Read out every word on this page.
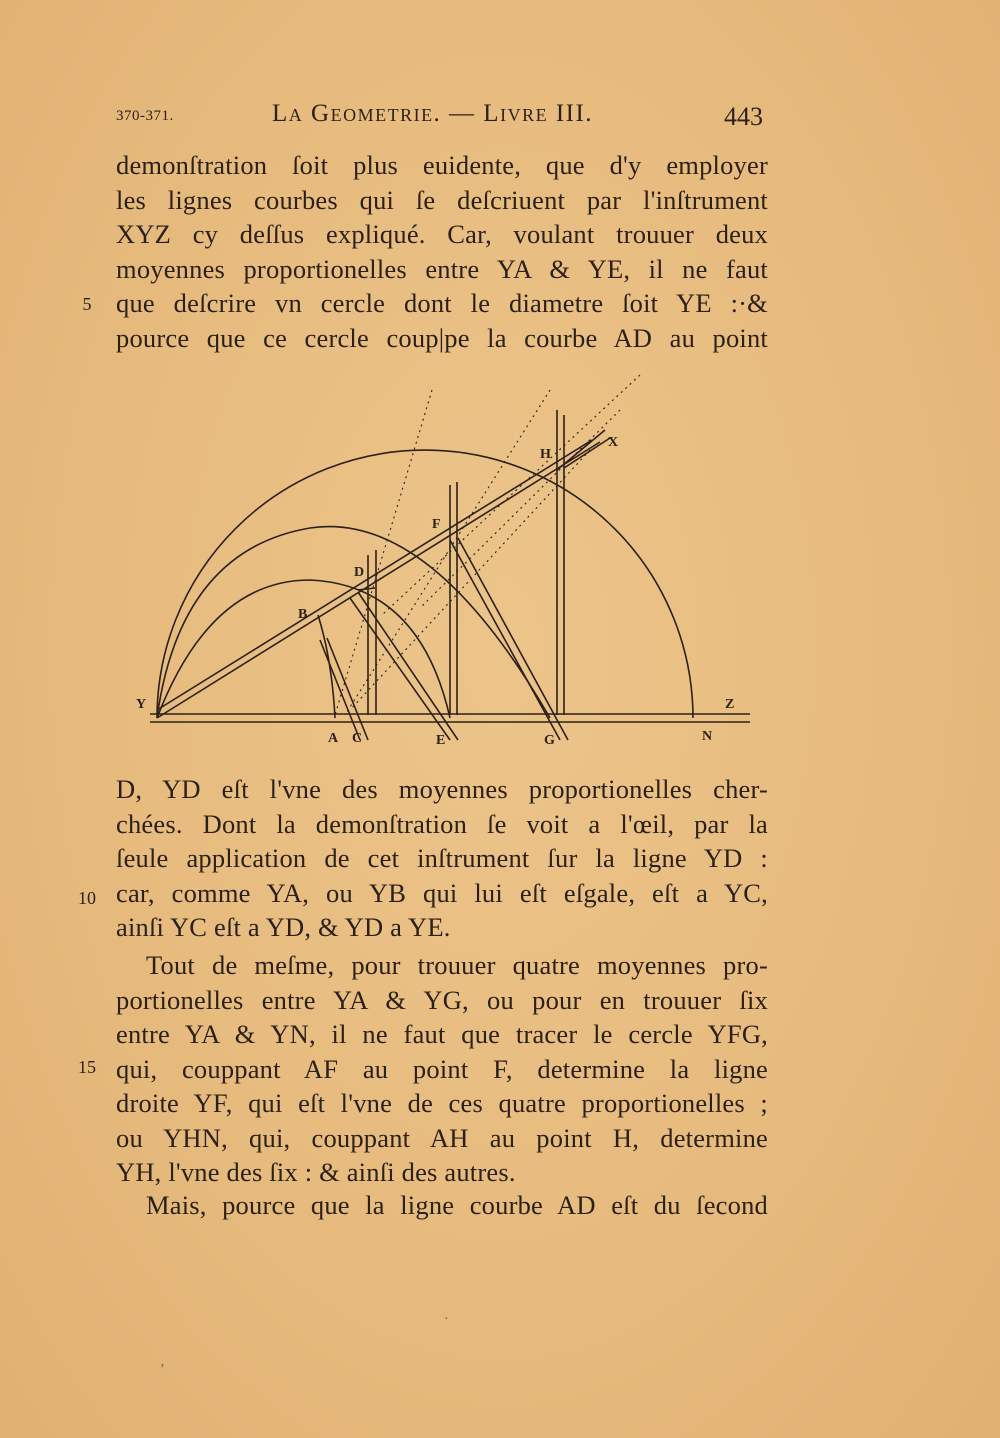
370-371.	La Geometrie. — Livre III.	443
demonſtration ſoit plus euidente, que d'y employer
les lignes courbes qui ſe deſcriuent par l'inſtrument
XYZ cy deſſus expliqué. Car, voulant trouuer deux
moyennes proportionelles entre YA & YE, il ne faut
que deſcrire vn cercle dont le diametre ſoit YE :·&
pource que ce cercle coup|pe la courbe AD au point
5
Y	Z
X
A C	E	G	N
B
D
F
H
D, YD eſt l'vne des moyennes proportionelles cher-
chées. Dont la demonſtration ſe voit a l'œil, par la
ſeule application de cet inſtrument ſur la ligne YD :
car, comme YA, ou YB qui lui eſt eſgale, eſt a YC,
ainſi YC eſt a YD, & YD a YE.
10
Tout de meſme, pour trouuer quatre moyennes pro-
portionelles entre YA & YG, ou pour en trouuer ſix
entre YA & YN, il ne faut que tracer le cercle YFG,
qui, couppant AF au point F, determine la ligne
droite YF, qui eſt l'vne de ces quatre proportionelles ;
ou YHN, qui, couppant AH au point H, determine
YH, l'vne des ſix : & ainſi des autres.
15
Mais, pource que la ligne courbe AD eſt du ſecond
·
ʼ
